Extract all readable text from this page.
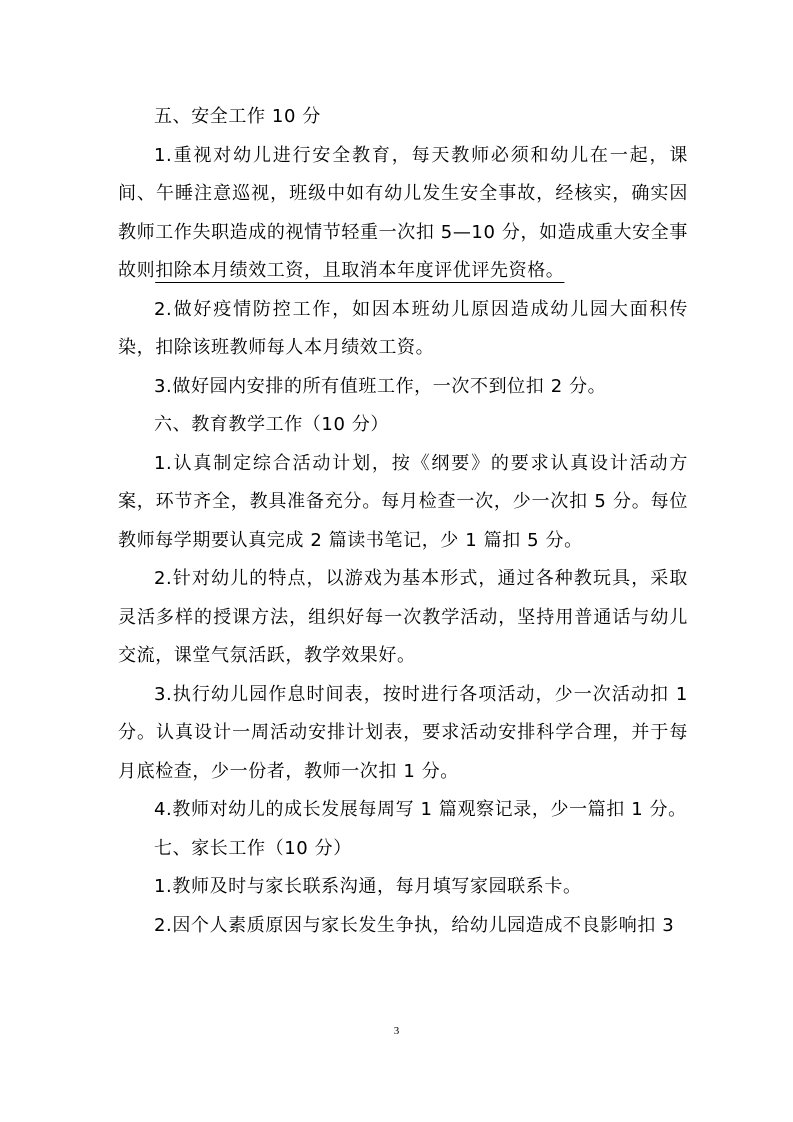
五、安全工作 10 分

1.重视对幼儿进行安全教育，每天教师必须和幼儿在一起，课间、午睡注意巡视，班级中如有幼儿发生安全事故，经核实，确实因教师工作失职造成的视情节轻重一次扣 5—10 分，如造成重大安全事故则扣除本月绩效工资，且取消本年度评优评先资格。

2.做好疫情防控工作，如因本班幼儿原因造成幼儿园大面积传染，扣除该班教师每人本月绩效工资。

3.做好园内安排的所有值班工作，一次不到位扣 2 分。

六、教育教学工作（10 分）

1.认真制定综合活动计划，按《纲要》的要求认真设计活动方案，环节齐全，教具准备充分。每月检查一次，少一次扣 5 分。每位教师每学期要认真完成 2 篇读书笔记，少 1 篇扣 5 分。

2.针对幼儿的特点，以游戏为基本形式，通过各种教玩具，采取灵活多样的授课方法，组织好每一次教学活动，坚持用普通话与幼儿交流，课堂气氛活跃，教学效果好。

3.执行幼儿园作息时间表，按时进行各项活动，少一次活动扣 1 分。认真设计一周活动安排计划表，要求活动安排科学合理，并于每月底检查，少一份者，教师一次扣 1 分。

4.教师对幼儿的成长发展每周写 1 篇观察记录，少一篇扣 1 分。

七、家长工作（10 分）

1.教师及时与家长联系沟通，每月填写家园联系卡。

2.因个人素质原因与家长发生争执，给幼儿园造成不良影响扣 3

3
